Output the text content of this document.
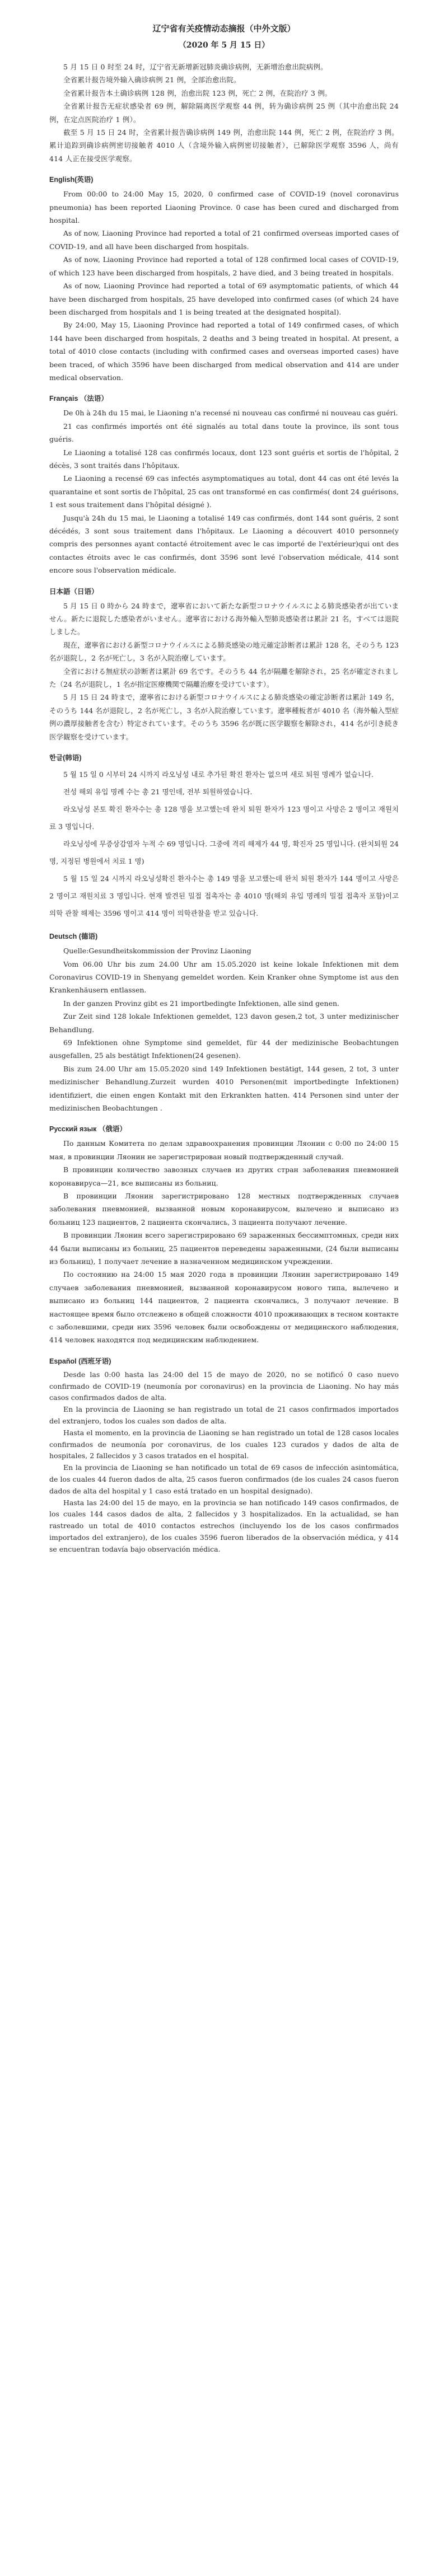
辽宁省有关疫情动态摘报（中外文版）
（2020 年 5 月 15 日）

5 月 15 日 0 时至 24 时，辽宁省无新增新冠肺炎确诊病例，无新增治愈出院病例。

全省累计报告境外输入确诊病例 21 例，全部治愈出院。

全省累计报告本土确诊病例 128 例，治愈出院 123 例，死亡 2 例，在院治疗 3 例。

全省累计报告无症状感染者 69 例，解除隔离医学观察 44 例，转为确诊病例 25 例（其中治愈出院 24 例，在定点医院治疗 1 例）。

截至 5 月 15 日 24 时，全省累计报告确诊病例 149 例，治愈出院 144 例，死亡 2 例，在院治疗 3 例。累计追踪到确诊病例密切接触者 4010 人（含境外输入病例密切接触者），已解除医学观察 3596 人，尚有 414 人正在接受医学观察。

English(英语)

From 00:00 to 24:00 May 15, 2020, 0 confirmed case of COVID-19 (novel coronavirus pneumonia) has been reported Liaoning Province. 0 case has been cured and discharged from hospital.

As of now, Liaoning Province had reported a total of 21 confirmed overseas imported cases of COVID-19, and all have been discharged from hospitals.

As of now, Liaoning Province had reported a total of 128 confirmed local cases of COVID-19, of which 123 have been discharged from hospitals, 2 have died, and 3 being treated in hospitals.

As of now, Liaoning Province had reported a total of 69 asymptomatic patients, of which 44 have been discharged from hospitals, 25 have developed into confirmed cases (of which 24 have been discharged from hospitals and 1 is being treated at the designated hospital).

By 24:00, May 15, Liaoning Province had reported a total of 149 confirmed cases, of which 144 have been discharged from hospitals, 2 deaths and 3 being treated in hospital. At present, a total of 4010 close contacts (including with confirmed cases and overseas imported cases) have been traced, of which 3596 have been discharged from medical observation and 414 are under medical observation.

Français （法语）

De 0h à 24h du 15 mai, le Liaoning n'a recensé ni nouveau cas confirmé ni nouveau cas guéri.

21 cas confirmés importés ont été signalés au total dans toute la province, ils sont tous guéris.

Le Liaoning a totalisé 128 cas confirmés locaux, dont 123 sont guéris et sortis de l'hôpital, 2 décès, 3 sont traités dans l'hôpitaux.

Le Liaoning a recensé 69 cas infectés asymptomatiques au total, dont 44 cas ont été levés la quarantaine et sont sortis de l'hôpital, 25 cas ont transformé en cas confirmés( dont 24 guérisons, 1 est sous traitement dans l'hôpital désigné ).

Jusqu'à 24h du 15 mai, le Liaoning a totalisé 149 cas confirmés, dont 144 sont guéris, 2 sont décédés, 3 sont sous traitement dans l'hôpitaux. Le Liaoning a découvert 4010 personne(y compris des personnes ayant contacté étroitement avec le cas importé de l'extérieur)qui ont des contactes étroits avec le cas confirmés, dont 3596 sont levé l'observation médicale, 414 sont encore sous l'observation médicale.

日本語（日语）

5 月 15 日 0 時から 24 時まで，遼寧省において新たな新型コロナウイルスによる肺炎感染者が出ていません。新たに退院した感染者がいません。遼寧省における海外輸入型肺炎感染者は累計 21 名，すべては退院しました。

現在，遼寧省における新型コロナウイルスによる肺炎感染の地元確定診断者は累計 128 名，そのうち 123 名が退院し，2 名が死亡し，3 名が入院治療しています。

全省における無症状の診断者は累計 69 名です。そのうち 44 名が隔離を解除され，25 名が確定されました（24 名が退院し，1 名が指定医療機関で隔離治療を受けています）。

5 月 15 日 24 時まで，遼寧省における新型コロナウイルスによる肺炎感染の確定診断者は累計 149 名，そのうち 144 名が退院し，2 名が死亡し，3 名が入院治療しています。遼寧種板者が 4010 名（海外輸入型症例の濃厚接触者を含む）特定されています。そのうち 3596 名が既に医学観察を解除され，414 名が引き続き医学観察を受けています。

한글(韩语)

5 월 15 일 0 시부터 24 시까지 라오닝성 내로 추가된 확진 환자는 없으며 새로 퇴원 명례가 없습니다.

전성 해외 유입 명례 수는 총 21 명인데, 전부 퇴원하였습니다.

라오닝성 본토 확진 환자수는 총 128 명을 보고했는데 완치 퇴원 환자가 123 명이고 사망은 2 명이고 재원치료 3 명입니다.

라오닝성에 무증상감염자 누적 수 69 명입니다. 그중에 격리 해제가 44 명, 확진자 25 명입니다. (완치퇴원 24 명, 지정된 병원에서 치료 1 명)

5 월 15 일 24 시까지 라오닝성확진 환자수는 총 149 명을 보고했는데 완치 퇴원 환자가 144 명이고 사망은 2 명이고 재원치료 3 명입니다. 현재 발견된 밀접 접촉자는 총 4010 명(해외 유입 명례의 밀접 접촉자 포함)이고 의학 관찰 해제는 3596 명이고 414 명이 의학관찰을 받고 있습니다.

Deutsch (德语)

Quelle:Gesundheitskommission der Provinz Liaoning

Vom 06.00 Uhr bis zum 24.00 Uhr am 15.05.2020 ist keine lokale Infektionen mit dem Coronavirus COVID-19 in Shenyang gemeldet worden. Kein Kranker ohne Symptome ist aus den Krankenhäusern entlassen.

In der ganzen Provinz gibt es 21 importbedingte Infektionen, alle sind genen.

Zur Zeit sind 128 lokale Infektionen gemeldet, 123 davon gesen,2 tot, 3 unter medizinischer Behandlung.

69 Infektionen ohne Symptome sind gemeldet, für 44 der medizinische Beobachtungen ausgefallen, 25 als bestätigt Infektionen(24 gesenen).

Bis zum 24.00 Uhr am 15.05.2020 sind 149 Infektionen bestätigt, 144 gesen, 2 tot, 3 unter medizinischer Behandlung.Zurzeit wurden 4010 Personen(mit importbedingte Infektionen) identifiziert, die einen engen Kontakt mit den Erkrankten hatten. 414 Personen sind unter der medizinischen Beobachtungen .

Русский язык （俄语）

По данным Комитета по делам здравоохранения провинции Ляонин с 0:00 по 24:00 15 мая, в провинции Ляонин не зарегистрирован новый подтвержденный случай.

В провинции количество завозных случаев из других стран заболевания пневмонией коронавируса—21, все выписаны из больниц.

В провинции Ляонин зарегистрировано 128 местных подтвержденных случаев заболевания пневмонией, вызванной новым коронавирусом, вылечено и выписано из больниц 123 пациентов, 2 пациента скончались, 3 пациента получают лечение.

В провинции Ляонин всего зарегистрировано 69 зараженных бессимптомных, среди них 44 были выписаны из больниц, 25 пациентов переведены зараженными, (24 были выписаны из больниц), 1 получает лечение в назначенном медицинском учреждении.

По состоянию на 24:00 15 мая 2020 года в провинции Ляонин зарегистрировано 149 случаев заболевания пневмонией, вызванной коронавирусом нового типа, вылечено и выписано из больниц 144 пациентов, 2 пациента скончались, 3 получают лечение. В настоящее время было отслежено в общей сложности 4010 проживающих в тесном контакте с заболевшими, среди них 3596 человек были освобождены от медицинского наблюдения, 414 человек находятся под медицинским наблюдением.

Español (西班牙语)

Desde las 0:00 hasta las 24:00 del 15 de mayo de 2020, no se notificó 0 caso nuevo confirmado de COVID-19 (neumonía por coronavirus) en la provincia de Liaoning. No hay más casos confirmados dados de alta.

En la provincia de Liaoning se han registrado un total de 21 casos confirmados importados del extranjero, todos los cuales son dados de alta.

Hasta el momento, en la provincia de Liaoning se han registrado un total de 128 casos locales confirmados de neumonía por coronavirus, de los cuales 123 curados y dados de alta de hospitales, 2 fallecidos y 3 casos tratados en el hospital.

En la provincia de Liaoning se han notificado un total de 69 casos de infección asintomática, de los cuales 44 fueron dados de alta, 25 casos fueron confirmados (de los cuales 24 casos fueron dados de alta del hospital y 1 caso está tratado en un hospital designado).

Hasta las 24:00 del 15 de mayo, en la provincia se han notificado 149 casos confirmados, de los cuales 144 casos dados de alta, 2 fallecidos y 3 hospitalizados. En la actualidad, se han rastreado un total de 4010 contactos estrechos (incluyendo los de los casos confirmados importados del extranjero), de los cuales 3596 fueron liberados de la observación médica, y 414 se encuentran todavía bajo observación médica.
